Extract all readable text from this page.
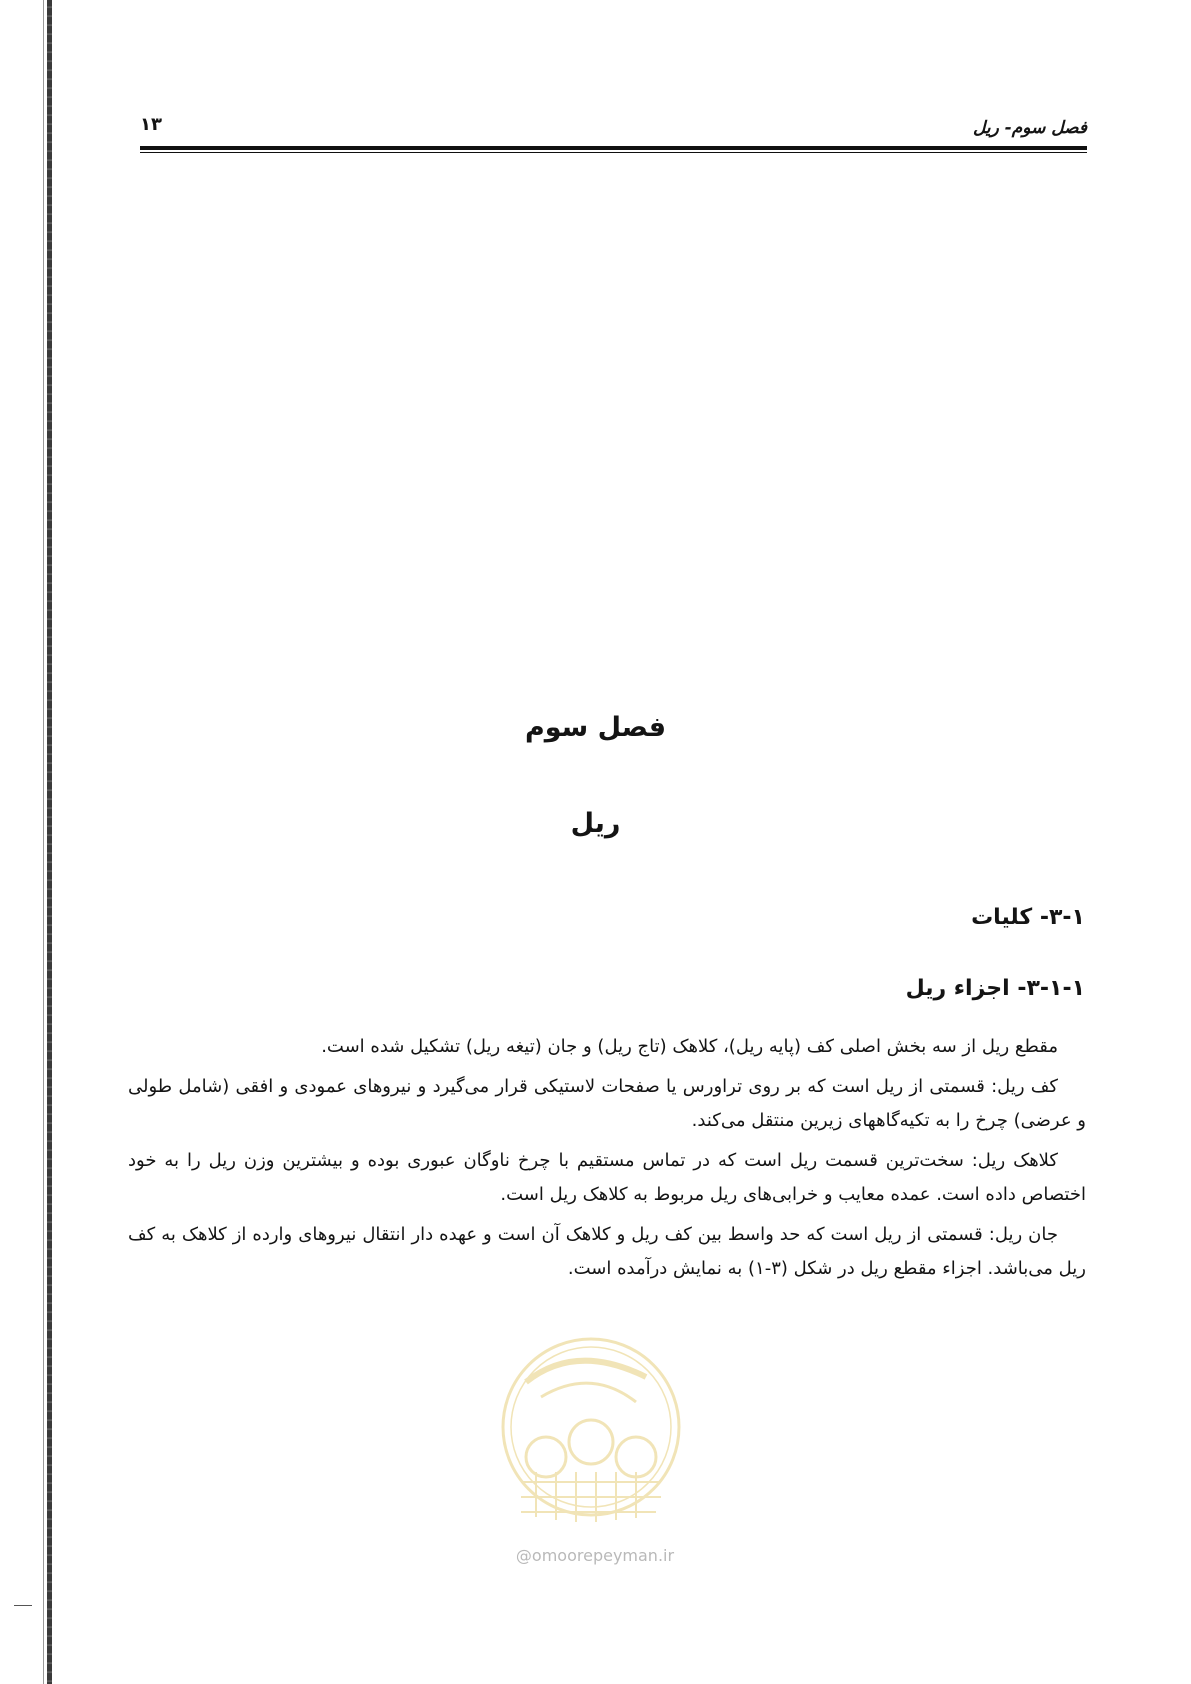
۱۳	فصل سوم- ریل
فصل سوم
ریل
۳-۱- کلیات
۳-۱-۱- اجزاء ریل

مقطع ریل از سه بخش اصلی کف (پایه ریل)، کلاهک (تاج ریل) و جان (تیغه ریل) تشکیل شده است.

کف ریل: قسمتی از ریل است که بر روی تراورس یا صفحات لاستیکی قرار می‌گیرد و نیروهای عمودی و افقی (شامل طولی و عرضی) چرخ را به تکیه‌گاههای زیرین منتقل می‌کند.

کلاهک ریل: سخت‌ترین قسمت ریل است که در تماس مستقیم با چرخ ناوگان عبوری بوده و بیشترین وزن ریل را به خود اختصاص داده است. عمده معایب و خرابی‌های ریل مربوط به کلاهک ریل است.

جان ریل: قسمتی از ریل است که حد واسط بین کف ریل و کلاهک آن است و عهده دار انتقال نیروهای وارده از کلاهک به کف ریل می‌باشد. اجزاء مقطع ریل در شکل (۳-۱) به نمایش درآمده است.

@omoorepeyman.ir
